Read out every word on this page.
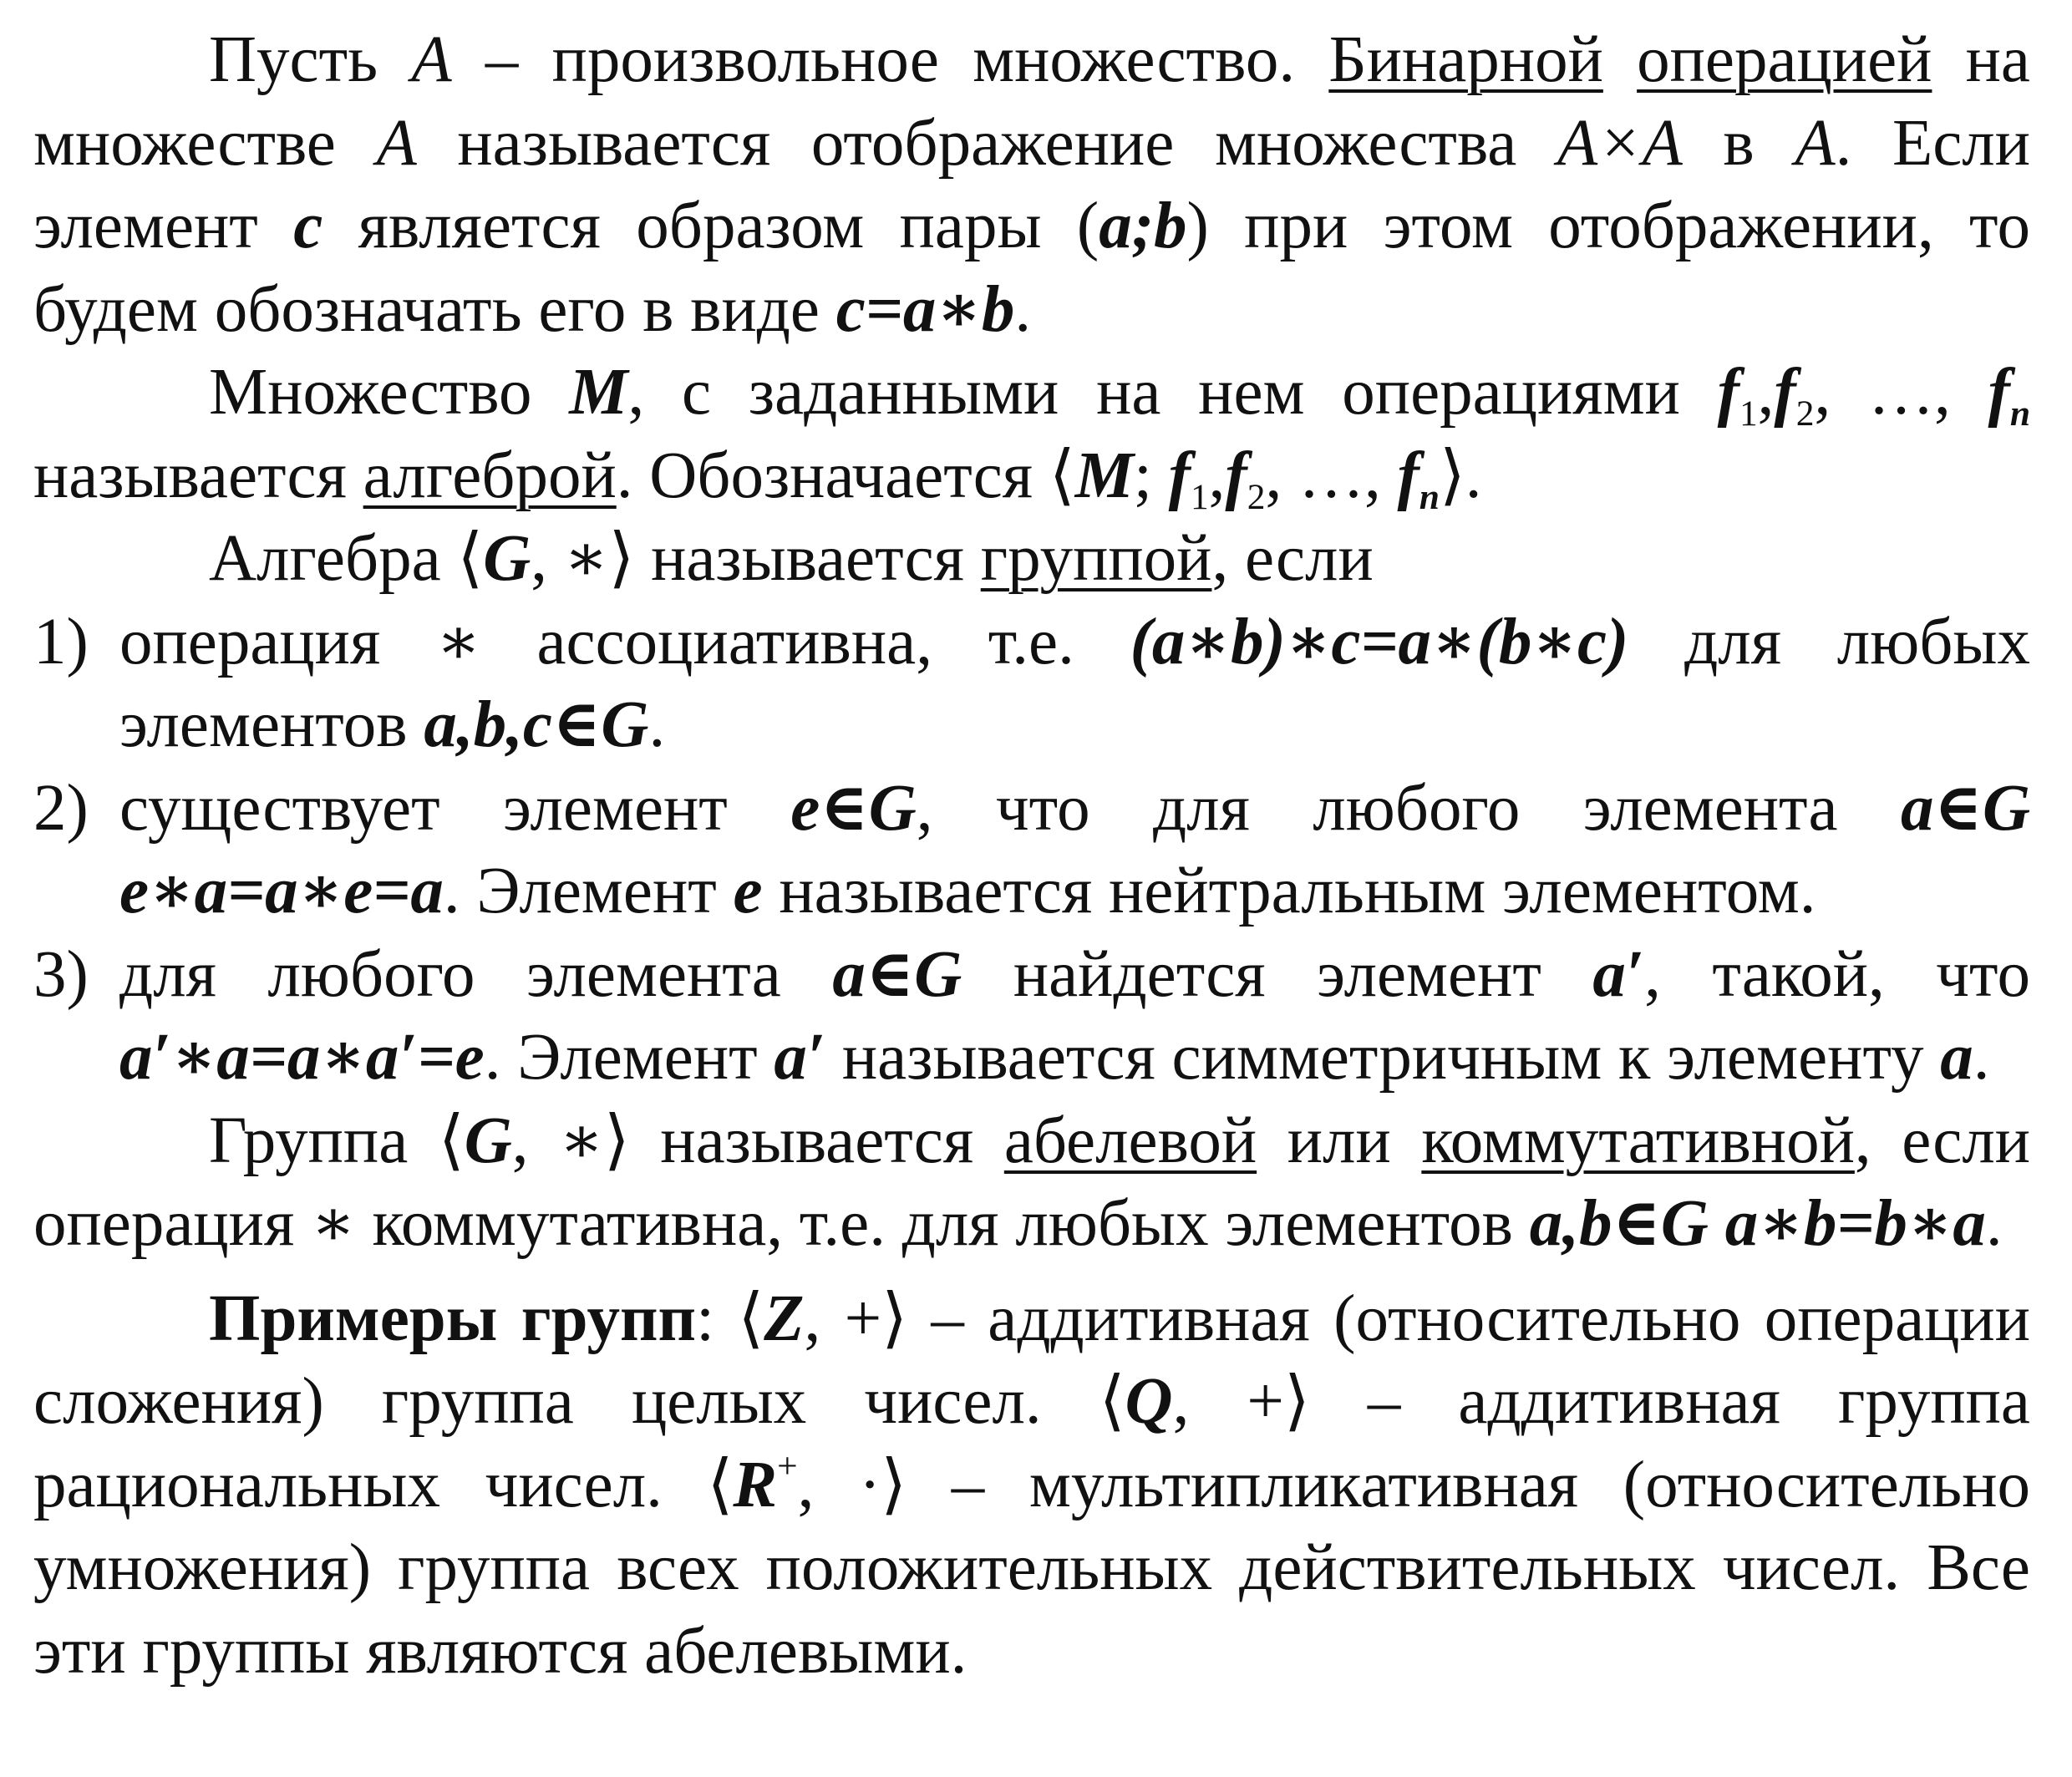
Пусть A – произвольное множество. Бинарной операцией на множестве A называется отображение множества A×A в A. Если элемент c является образом пары (a;b) при этом отображении, то будем обозначать его в виде c=a∗b.

Множество M, с заданными на нем операциями $f_1,f_2$, …, $f_n$ называется алгеброй. Обозначается ⟨M; $f_1,f_2$, …, $f_n⟩$.

Алгебра ⟨G, ∗⟩ называется группой, если

1 ) операция ∗ ассоциативна, т.е. (a∗b)∗c=a∗(b∗c) для любых элементов a,b,c∈G.
2 ) существует элемент e∈G, что для любого элемента a∈G e∗a=a∗e=a. Элемент e называется нейтральным элементом.
3 ) для любого элемента a∈G найдется элемент a′, такой, что a′∗a=a∗a′=e. Элемент a′ называется симметричным к элементу a.

Группа ⟨G, ∗⟩ называется абелевой или коммутативной, если операция ∗ коммутативна, т.е. для любых элементов a,b∈G a∗b=b∗a.

Примеры групп: ⟨Z, +⟩ – аддитивная (относительно операции сложения) группа целых чисел. ⟨Q, +⟩ – аддитивная группа рациональных чисел. ⟨R+, ·⟩ – мультипликативная (относительно умножения) группа всех положительных действительных чисел. Все эти группы являются абелевыми.
